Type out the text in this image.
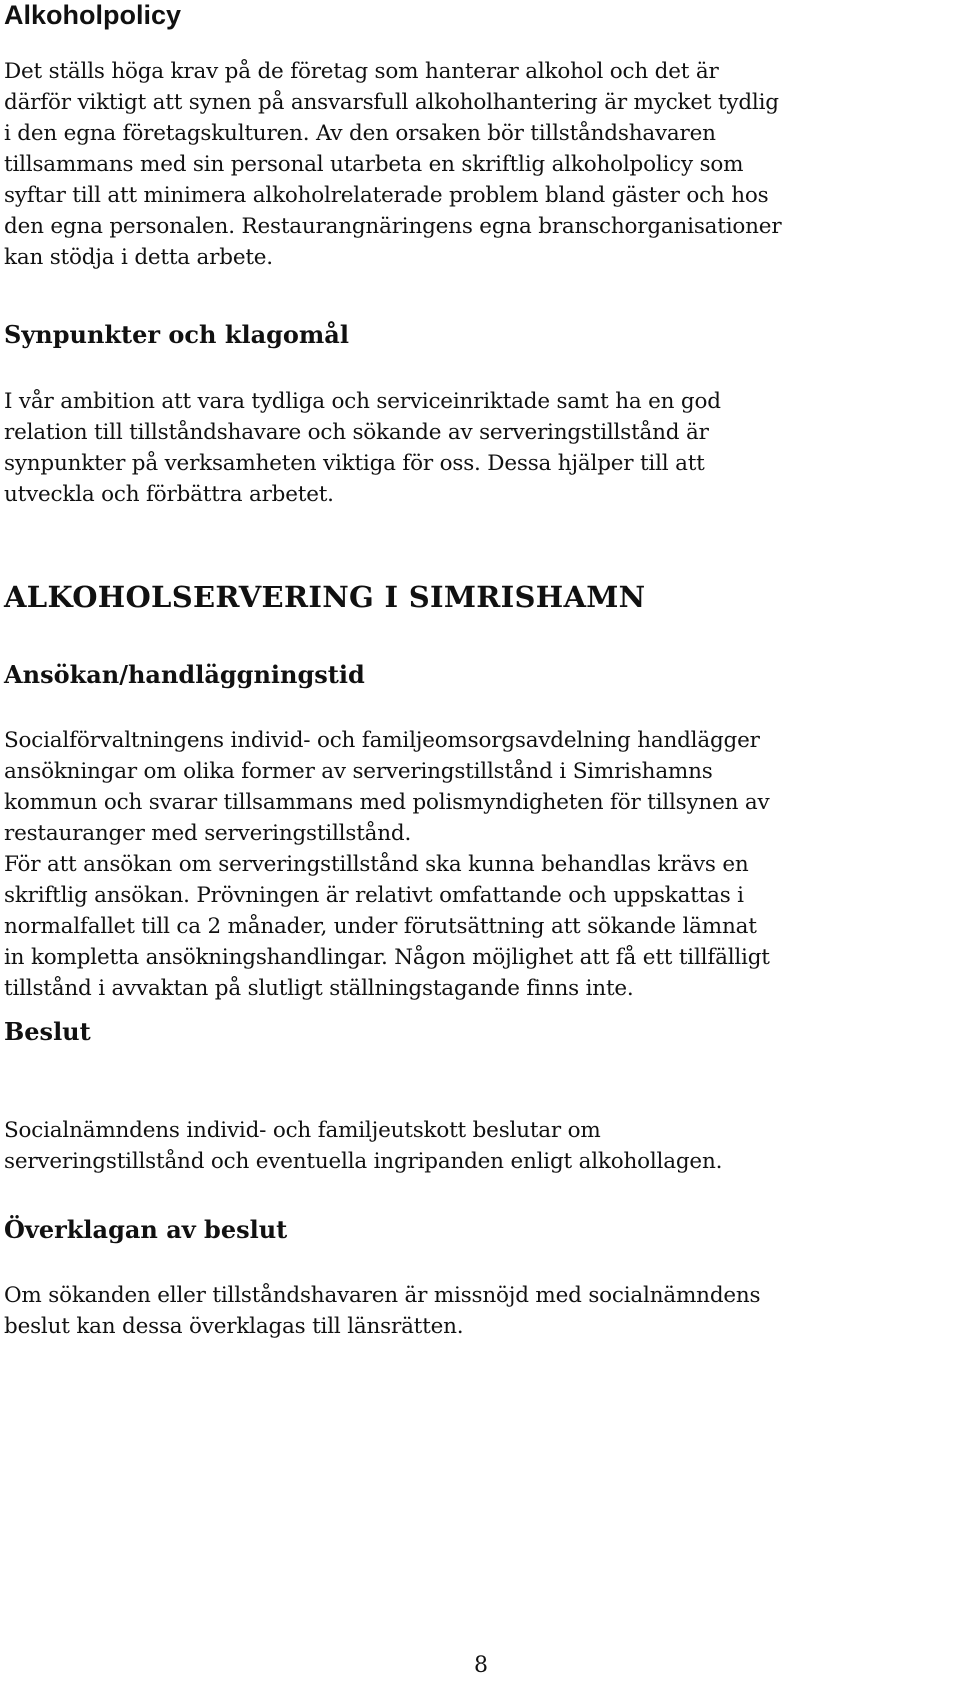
Alkoholpolicy

Det ställs höga krav på de företag som hanterar alkohol och det är
därför viktigt att synen på ansvarsfull alkoholhantering är mycket tydlig
i den egna företagskulturen. Av den orsaken bör tillståndshavaren
tillsammans med sin personal utarbeta en skriftlig alkoholpolicy som
syftar till att minimera alkoholrelaterade problem bland gäster och hos
den egna personalen. Restaurangnäringens egna branschorganisationer
kan stödja i detta arbete.

Synpunkter och klagomål

I vår ambition att vara tydliga och serviceinriktade samt ha en god
relation till tillståndshavare och sökande av serveringstillstånd är
synpunkter på verksamheten viktiga för oss. Dessa hjälper till att
utveckla och förbättra arbetet.

ALKOHOLSERVERING I SIMRISHAMN
Ansökan/handläggningstid

Socialförvaltningens individ- och familjeomsorgsavdelning handlägger
ansökningar om olika former av serveringstillstånd i Simrishamns
kommun och svarar tillsammans med polismyndigheten för tillsynen av
restauranger med serveringstillstånd.
För att ansökan om serveringstillstånd ska kunna behandlas krävs en
skriftlig ansökan. Prövningen är relativt omfattande och uppskattas i
normalfallet till ca 2 månader, under förutsättning att sökande lämnat
in kompletta ansökningshandlingar. Någon möjlighet att få ett tillfälligt
tillstånd i avvaktan på slutligt ställningstagande finns inte.

Beslut

Socialnämndens individ- och familjeutskott beslutar om
serveringstillstånd och eventuella ingripanden enligt alkohollagen.

Överklagan av beslut

Om sökanden eller tillståndshavaren är missnöjd med socialnämndens
beslut kan dessa överklagas till länsrätten.

8
